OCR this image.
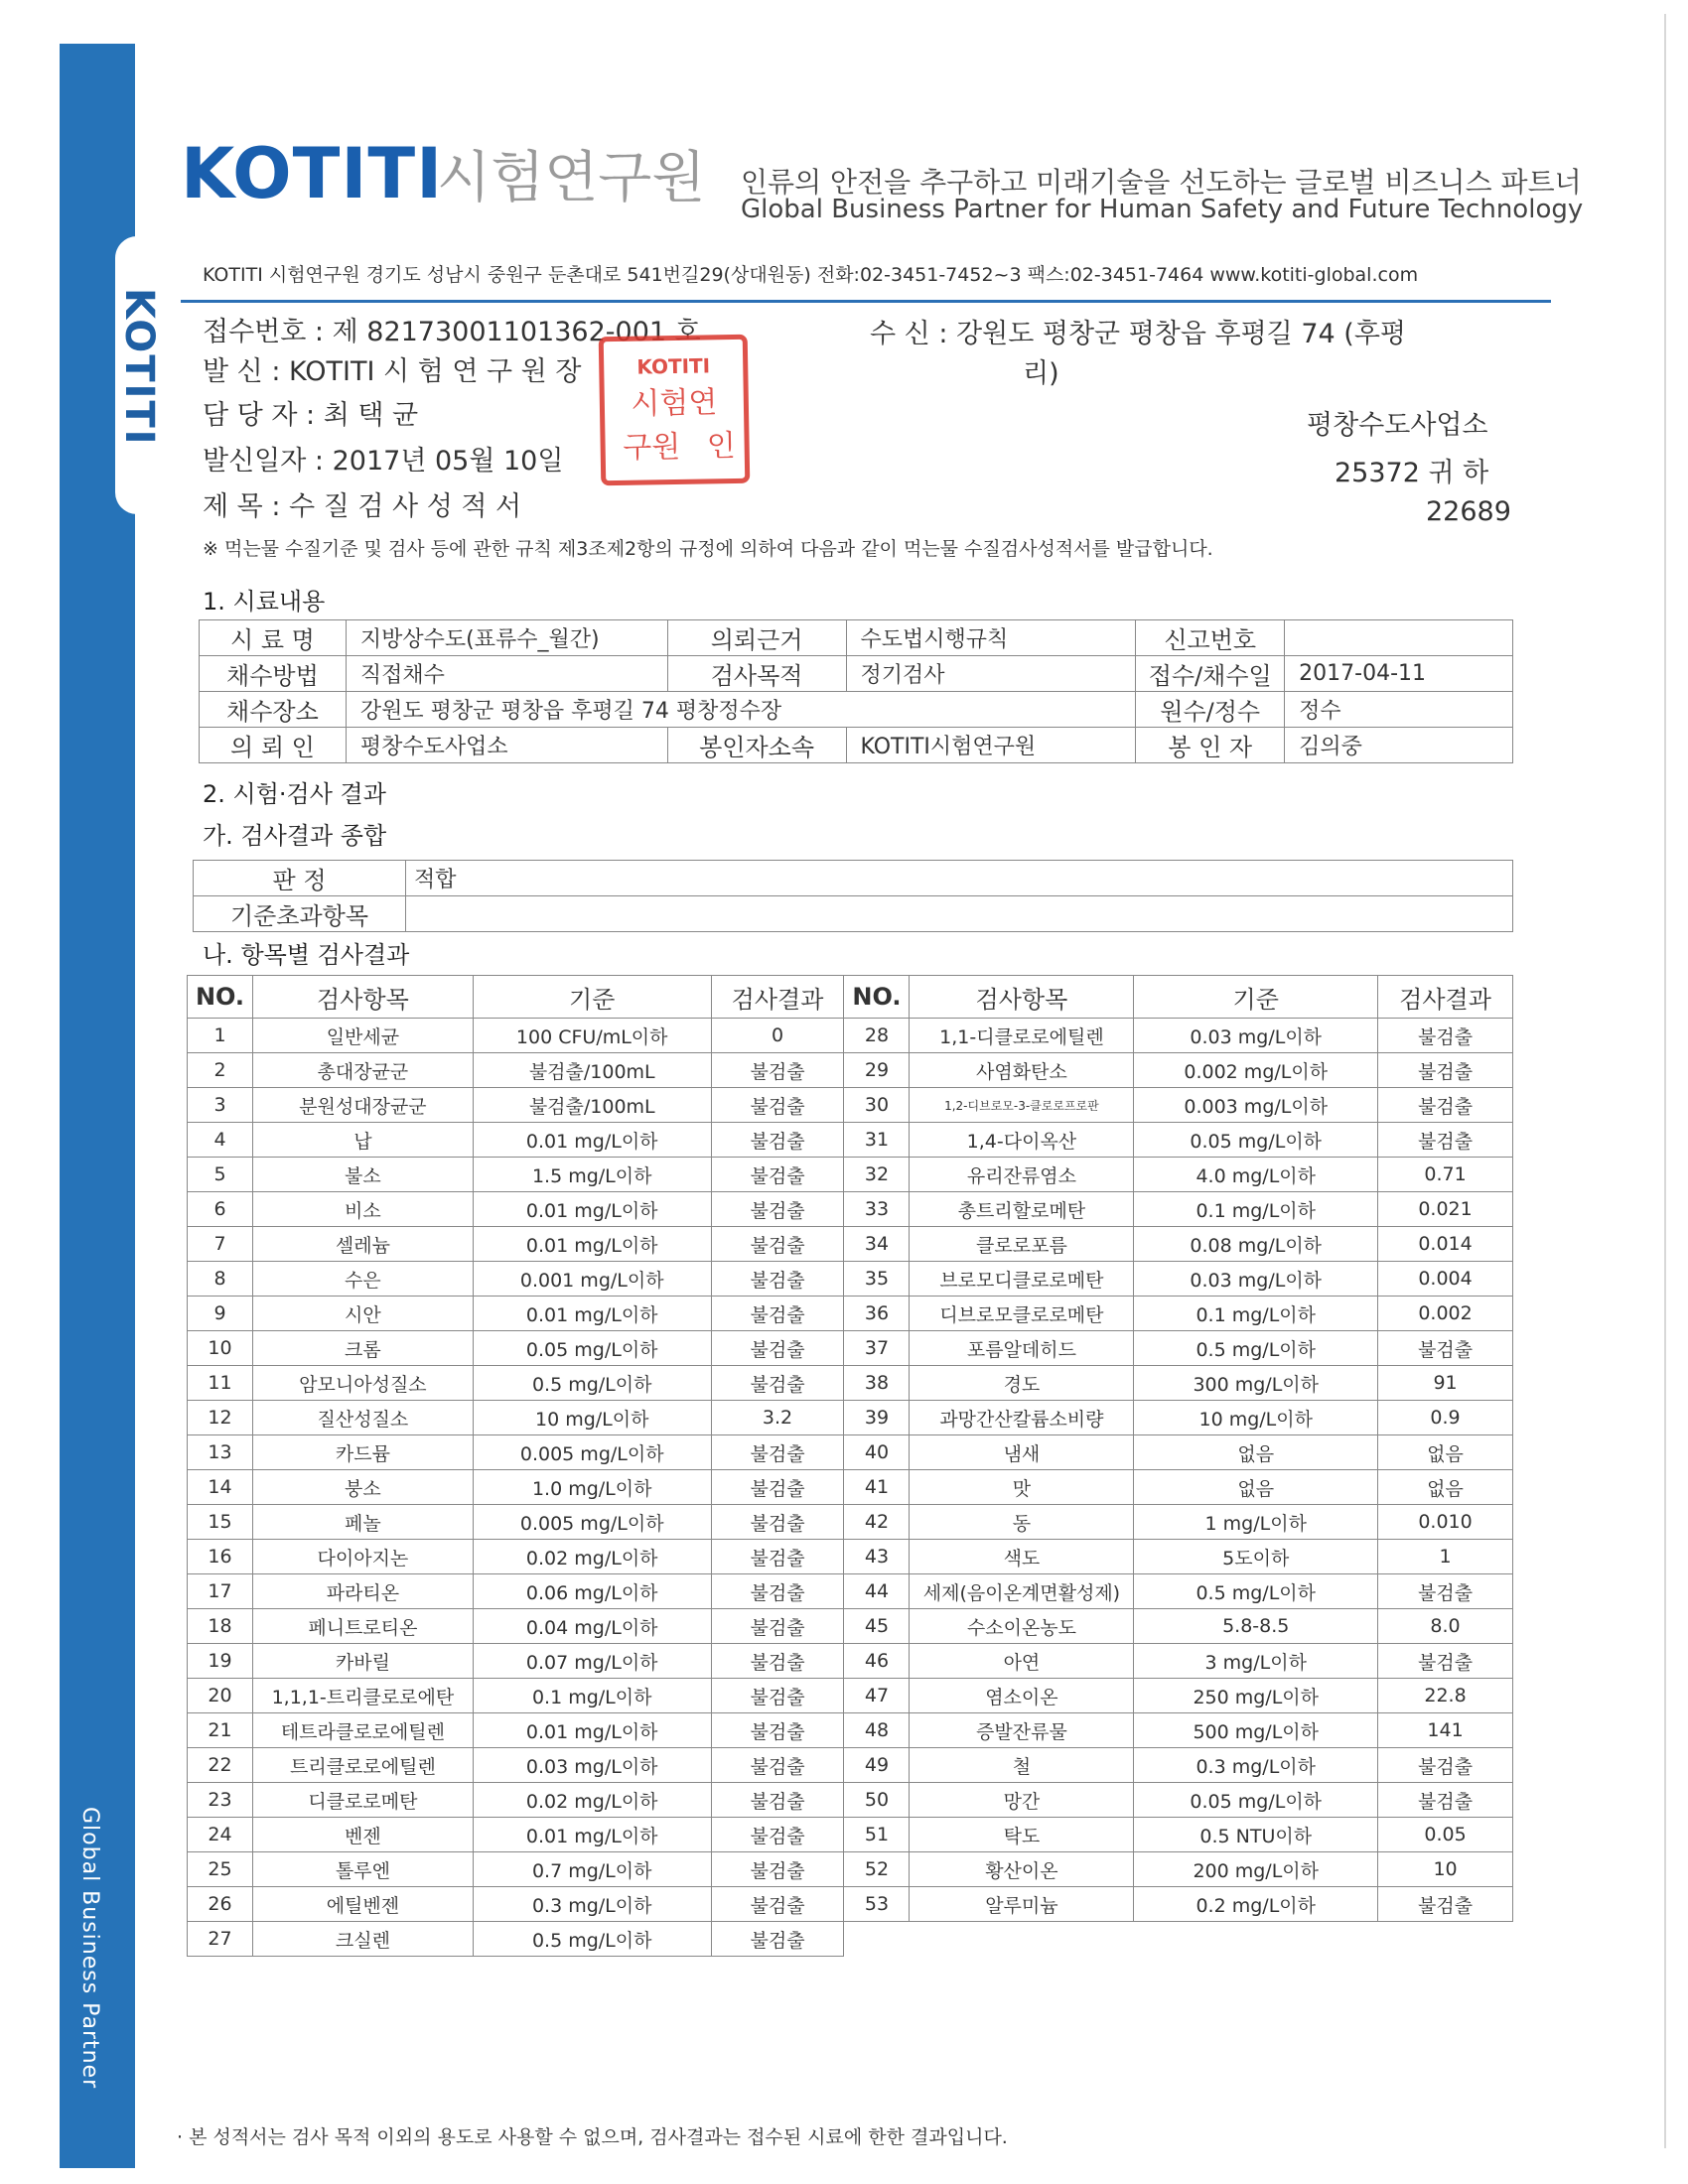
KOTITI
Global Business Partner
KOTITI
시험연구원 인류의 안전을 추구하고 미래기술을 선도하는 글로벌 비즈니스 파트너
Global Business Partner for Human Safety and Future Technology
KOTITI 시험연구원 경기도 성남시 중원구 둔촌대로 541번길29(상대원동) 전화:02-3451-7452~3 팩스:02-3451-7464 www.kotiti-global.com
접수번호 : 제 82173001101362-001 호
발 신 : KOTITI 시 험 연 구 원 장
담 당 자 : 최 택 균
발신일자 : 2017년 05월 10일
제 목 : 수 질 검 사 성 적 서
수 신 : 강원도 평창군 평창읍 후평길 74 (후평
리)
평창수도사업소
25372 귀 하
22689
KOTITI
시험연
구원 인
※ 먹는물 수질기준 및 검사 등에 관한 규칙 제3조제2항의 규정에 의하여 다음과 같이 먹는물 수질검사성적서를 발급합니다.
1. 시료내용
시 료 명	지방상수도(표류수_월간)	의뢰근거	수도법시행규칙	신고번호	
채수방법	직접채수	검사목적	정기검사	접수/채수일	2017-04-11
채수장소	강원도 평창군 평창읍 후평길 74 평창정수장			원수/정수	정수
의 뢰 인	평창수도사업소	봉인자소속	KOTITI시험연구원	봉 인 자	김의중
2. 시험·검사 결과
가. 검사결과 종합
판 정	적합
기준초과항목	
나. 항목별 검사결과
NO.	검사항목	기준	검사결과	NO.	검사항목	기준	검사결과
1	일반세균	100 CFU/mL이하	0	28	1,1-디클로로에틸렌	0.03 mg/L이하	불검출
2	총대장균군	불검출/100mL	불검출	29	사염화탄소	0.002 mg/L이하	불검출
3	분원성대장균군	불검출/100mL	불검출	30	1,2-디브로모-3-클로로프로판	0.003 mg/L이하	불검출
4	납	0.01 mg/L이하	불검출	31	1,4-다이옥산	0.05 mg/L이하	불검출
5	불소	1.5 mg/L이하	불검출	32	유리잔류염소	4.0 mg/L이하	0.71
6	비소	0.01 mg/L이하	불검출	33	총트리할로메탄	0.1 mg/L이하	0.021
7	셀레늄	0.01 mg/L이하	불검출	34	클로로포름	0.08 mg/L이하	0.014
8	수은	0.001 mg/L이하	불검출	35	브로모디클로로메탄	0.03 mg/L이하	0.004
9	시안	0.01 mg/L이하	불검출	36	디브로모클로로메탄	0.1 mg/L이하	0.002
10	크롬	0.05 mg/L이하	불검출	37	포름알데히드	0.5 mg/L이하	불검출
11	암모니아성질소	0.5 mg/L이하	불검출	38	경도	300 mg/L이하	91
12	질산성질소	10 mg/L이하	3.2	39	과망간산칼륨소비량	10 mg/L이하	0.9
13	카드뮴	0.005 mg/L이하	불검출	40	냄새	없음	없음
14	붕소	1.0 mg/L이하	불검출	41	맛	없음	없음
15	페놀	0.005 mg/L이하	불검출	42	동	1 mg/L이하	0.010
16	다이아지논	0.02 mg/L이하	불검출	43	색도	5도이하	1
17	파라티온	0.06 mg/L이하	불검출	44	세제(음이온계면활성제)	0.5 mg/L이하	불검출
18	페니트로티온	0.04 mg/L이하	불검출	45	수소이온농도	5.8-8.5	8.0
19	카바릴	0.07 mg/L이하	불검출	46	아연	3 mg/L이하	불검출
20	1,1,1-트리클로로에탄	0.1 mg/L이하	불검출	47	염소이온	250 mg/L이하	22.8
21	테트라클로로에틸렌	0.01 mg/L이하	불검출	48	증발잔류물	500 mg/L이하	141
22	트리클로로에틸렌	0.03 mg/L이하	불검출	49	철	0.3 mg/L이하	불검출
23	디클로로메탄	0.02 mg/L이하	불검출	50	망간	0.05 mg/L이하	불검출
24	벤젠	0.01 mg/L이하	불검출	51	탁도	0.5 NTU이하	0.05
25	톨루엔	0.7 mg/L이하	불검출	52	황산이온	200 mg/L이하	10
26	에틸벤젠	0.3 mg/L이하	불검출	53	알루미늄	0.2 mg/L이하	불검출
27	크실렌	0.5 mg/L이하	불검출				
· 본 성적서는 검사 목적 이외의 용도로 사용할 수 없으며, 검사결과는 접수된 시료에 한한 결과입니다.
